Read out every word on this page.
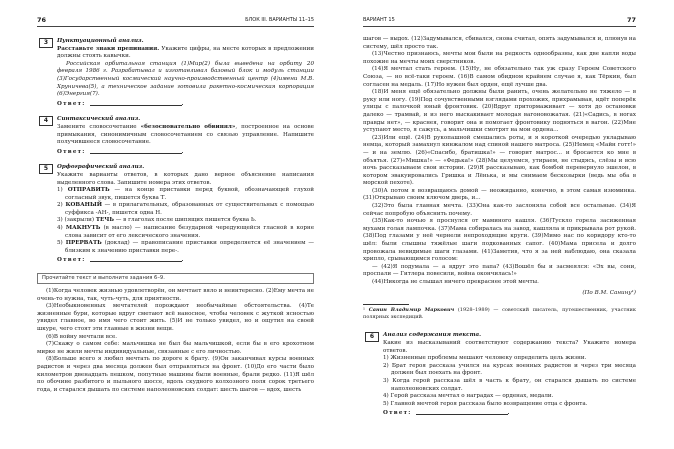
76	БЛОК III. ВАРИАНТЫ 11–15
3	Пунктуационный анализ.

Расставьте знаки препинания. Укажите цифры, на месте которых в предложении должны стоять кавычки.

Российская орбитальная станция (1)Мир(2) была выведена на орбиту 20 февраля 1986 г. Разрабатывал и изготавливал базовый блок и модуль станции (3)Государственный космический научно-производственный центр (4)имени М.В. Хруничева(5), а техническое задание готовила ракетно-космическая корпорация (6)Энергия(7).

Ответ:	.

4	Синтаксический анализ.

Замените словосочетание «безосновательно обвинял», построенное на основе примыкания, синонимичным словосочетанием со связью управление. Напишите получившееся словосочетание.

Ответ:	.

5	Орфографический анализ.

Укажите варианты ответов, в которых дано верное объяснение написания выделенного слова. Запишите номера этих ответов.

1) ОТПРАВИТЬ — на конце приставки перед буквой, обозначающей глухой согласный звук, пишется буква Т.

2) КОВАНЫЙ — в прилагательных, образованных от существительных с помощью суффикса -АН-, пишется одна Н.

3) (закрыли) ТЕЧЬ — в глаголах после шипящих пишется буква Ь.

4) МАКНУТЬ (в масло) — написание безударной чередующейся гласной в корне слова зависит от его лексического значения.

5) ПРЕРВАТЬ (доклад) — правописание приставки определяется её значением — близким к значению приставки пере-.

Ответ:	.

Прочитайте текст и выполните задания 6–9.

(1)Когда человек жизнью удовлетворён, он мечтает вяло и неинтересно. (2)Ему мечта не очень-то нужна, так, чуть-чуть, для приятности.

(3)Необыкновенных мечтателей порождают необычайные обстоятельства. (4)Те жизненные бури, которые вдруг сметают всё наносное, чтобы человек с жуткой ясностью увидел главное, во имя чего стоит жить. (5)И не только увидел, но и ощутил на своей шкуре, чего стоят эти главные в жизни вещи.

(6)В войну мечтали все.

(7)Скажу о самом себе: мальчишка не был бы мальчишкой, если бы в его крохотном мирке не жили мечты индивидуальные, связанные с его личностью.

(8)Больше всего я любил мечтать по дороге к брату. (9)Он заканчивал курсы военных радистов и через два месяца должен был отправляться на фронт. (10)До его части было километров двенадцать пешком, попутные машины были военные, брали редко. (11)Я шёл по обочине разбитого и пыльного шоссе, вдоль скудного колхозного поля сорок третьего года, и старался дышать по системе наполеоновских солдат: шесть шагов — вдох, шесть

ВАРИАНТ 15	77

шагов — выдох. (12)Задумывался, сбивался, снова считал, опять задумывался и, плюнув на систему, шёл просто так.

(13)Честно признаюсь, мечты мои были на редкость однообразны, как две капли воды похожие на мечты моих сверстников.

(14)Я мечтал стать героем. (15)Ну, не обязательно так уж сразу Героем Советского Союза, — но всё-таки героем. (16)В самом обидном крайнем случае я, как Тёркин, был согласен на медаль. (17)Но нужен был орден, ещё лучше два.

(18)И меня ещё обязательно должны были ранить, очень желательно не тяжело — в руку или ногу. (19)Под сочувственными взглядами прохожих, прихрамывая, идёт поперёк улицы с палочкой юный фронтовик. (20)Вдруг притормаживает — хотя до остановки далеко — трамвай, и из него выскакивает молодая вагоновожатая. (21)«Садись, в ногах правды нет», — краснея, говорит она и помогает фронтовику подняться в вагон. (22)Мне уступают место, я сажусь, а мальчишки смотрят на мои ордена...

(23)Или ещё. (24)В рукопашной смешались роты, и я короткой очередью укладываю немца, который замахнул кинжалом над спиной нашего матроса. (25)Немец «Майн готт!» — и на землю. (26)«Спасибо, братишка!» — говорит матрос... и бросается ко мне в объятья. (27)«Мишка!» — «Федька!» (28)Мы целуемся, утираем, не стыдясь, слёзы и всю ночь рассказываем свои истории. (29)Я рассказываю, как бомбой перевернуло эшелон, в котором эвакуировались Гришка и Лёнька, и мы снимаем бескозырки (ведь мы оба в морской пехоте).

(30)А потом я возвращаюсь домой — неожиданно, конечно, в этом самая изюминка. (31)Открываю своим ключом дверь, и...

(32)Это была главная мечта. (33)Она как-то заслоняла собой все остальные. (34)Я сейчас попробую объяснить почему.

(35)Как-то ночью я проснулся от маминого кашля. (36)Тускло горела засиженная мухами голая лампочка. (37)Мама собиралась на завод, кашляла и прикрывала рот рукой. (38)Под глазами у неё чернели непроходящие круги. (39)Мимо нас по коридору кто-то шёл: были слышны тяжёлые шаги подкованных сапог. (40)Мама присела и долго провожала невидимые шаги глазами. (41)Заметив, что я за ней наблюдаю, она сказала хрипло, срывающимся голосом:

— (42)Я подумала — а вдруг это папа? (43)Вошёл бы и засмеялся: «Эх вы, сони, проспали — Гитлера повесили, война окончилась!»

(44)Никогда не слышал ничего прекраснее этой мечты.

(По В.М. Санину¹)

¹ Санин Владимир Маркович (1928–1989) — советский писатель, путешественник, участник полярных экспедиций.

6	Анализ содержания текста.

Какие из высказываний соответствуют содержанию текста? Укажите номера ответов.

1) Жизненные проблемы мешают человеку определить цель жизни.

2) Брат героя рассказа учился на курсах военных радистов и через три месяца должен был поехать на фронт.

3) Когда герой рассказа шёл в часть к брату, он старался дышать по системе наполеоновских солдат.

4) Герой рассказа мечтал о наградах — орденах, медали.

5) Главной мечтой героя рассказа было возвращение отца с фронта.

Ответ:	.
